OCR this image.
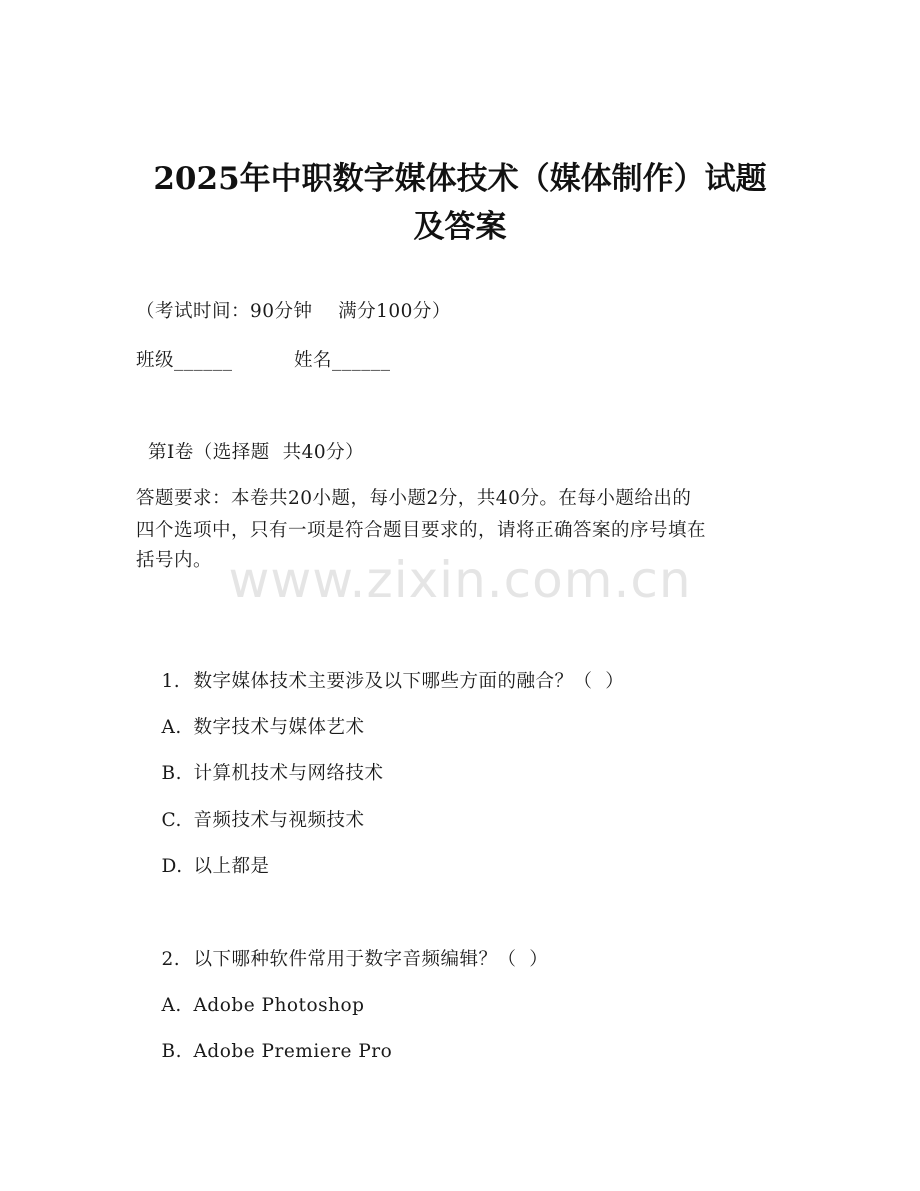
2025年中职数字媒体技术（媒体制作）试题
及答案
（考试时间：90分钟    满分100分）
班级______	姓名______
第Ⅰ卷（选择题  共40分）
答题要求：本卷共20小题，每小题2分，共40分。在每小题给出的
四个选项中，只有一项是符合题目要求的，请将正确答案的序号填在
括号内。 www.zixin.com.cn

1. 数字媒体技术主要涉及以下哪些方面的融合？（  ）

A. 数字技术与媒体艺术

B. 计算机技术与网络技术

C. 音频技术与视频技术

D. 以上都是

2. 以下哪种软件常用于数字音频编辑？（  ）

A. Adobe Photoshop

B. Adobe Premiere Pro
